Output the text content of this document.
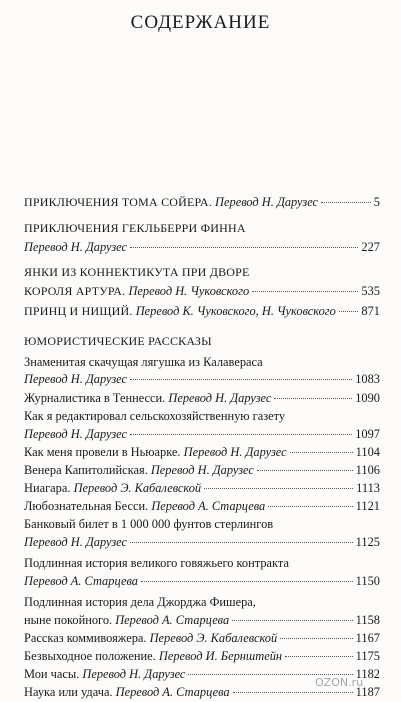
СОДЕРЖАНИЕ
ПРИКЛЮЧЕНИЯ ТОМА СОЙЕРА.
Перевод Н. Дарузес	5
ПРИКЛЮЧЕНИЯ ГЕКЛЬБЕРРИ ФИННА
Перевод Н. Дарузес	227
ЯНКИ ИЗ КОННЕКТИКУТА ПРИ ДВОРЕ
КОРОЛЯ АРТУРА.
Перевод Н. Чуковского	535
ПРИНЦ И НИЩИЙ.
Перевод К. Чуковского, Н. Чуковского 871
Знаменитая скачущая лягушка из Калавераса
Перевод Н. Дарузес	1083
Журналистика в Теннесси.
Перевод Н. Дарузес	1090
Как я редактировал сельскохозяйственную газету
Перевод Н. Дарузес	1097
Как меня провели в Ньюарке.
Перевод Н. Дарузес	1104
Венера Капитолийская.
Перевод Н. Дарузес	1106
Ниагара.
Перевод Э. Кабалевской	1113
Любознательная Бесси.
Перевод А. Старцева	1121
Банковый билет в 1 000 000 фунтов стерлингов
Перевод Н. Дарузес	1125
Подлинная история великого говяжьего контракта
Перевод А. Старцева	1150
Подлинная история дела Джорджа Фишера,
ныне покойного.
Перевод А. Старцева	1158
Рассказ коммивояжера.
Перевод Э. Кабалевской	1167
Безвыходное положение.
Перевод И. Бернштейн	1175
Мои часы.
Перевод Н. Дарузес	1182
Наука или удача.
Перевод А. Старцева	1187
ЮМОРИСТИЧЕСКИЕ РАССКАЗЫ
OZON.ru
